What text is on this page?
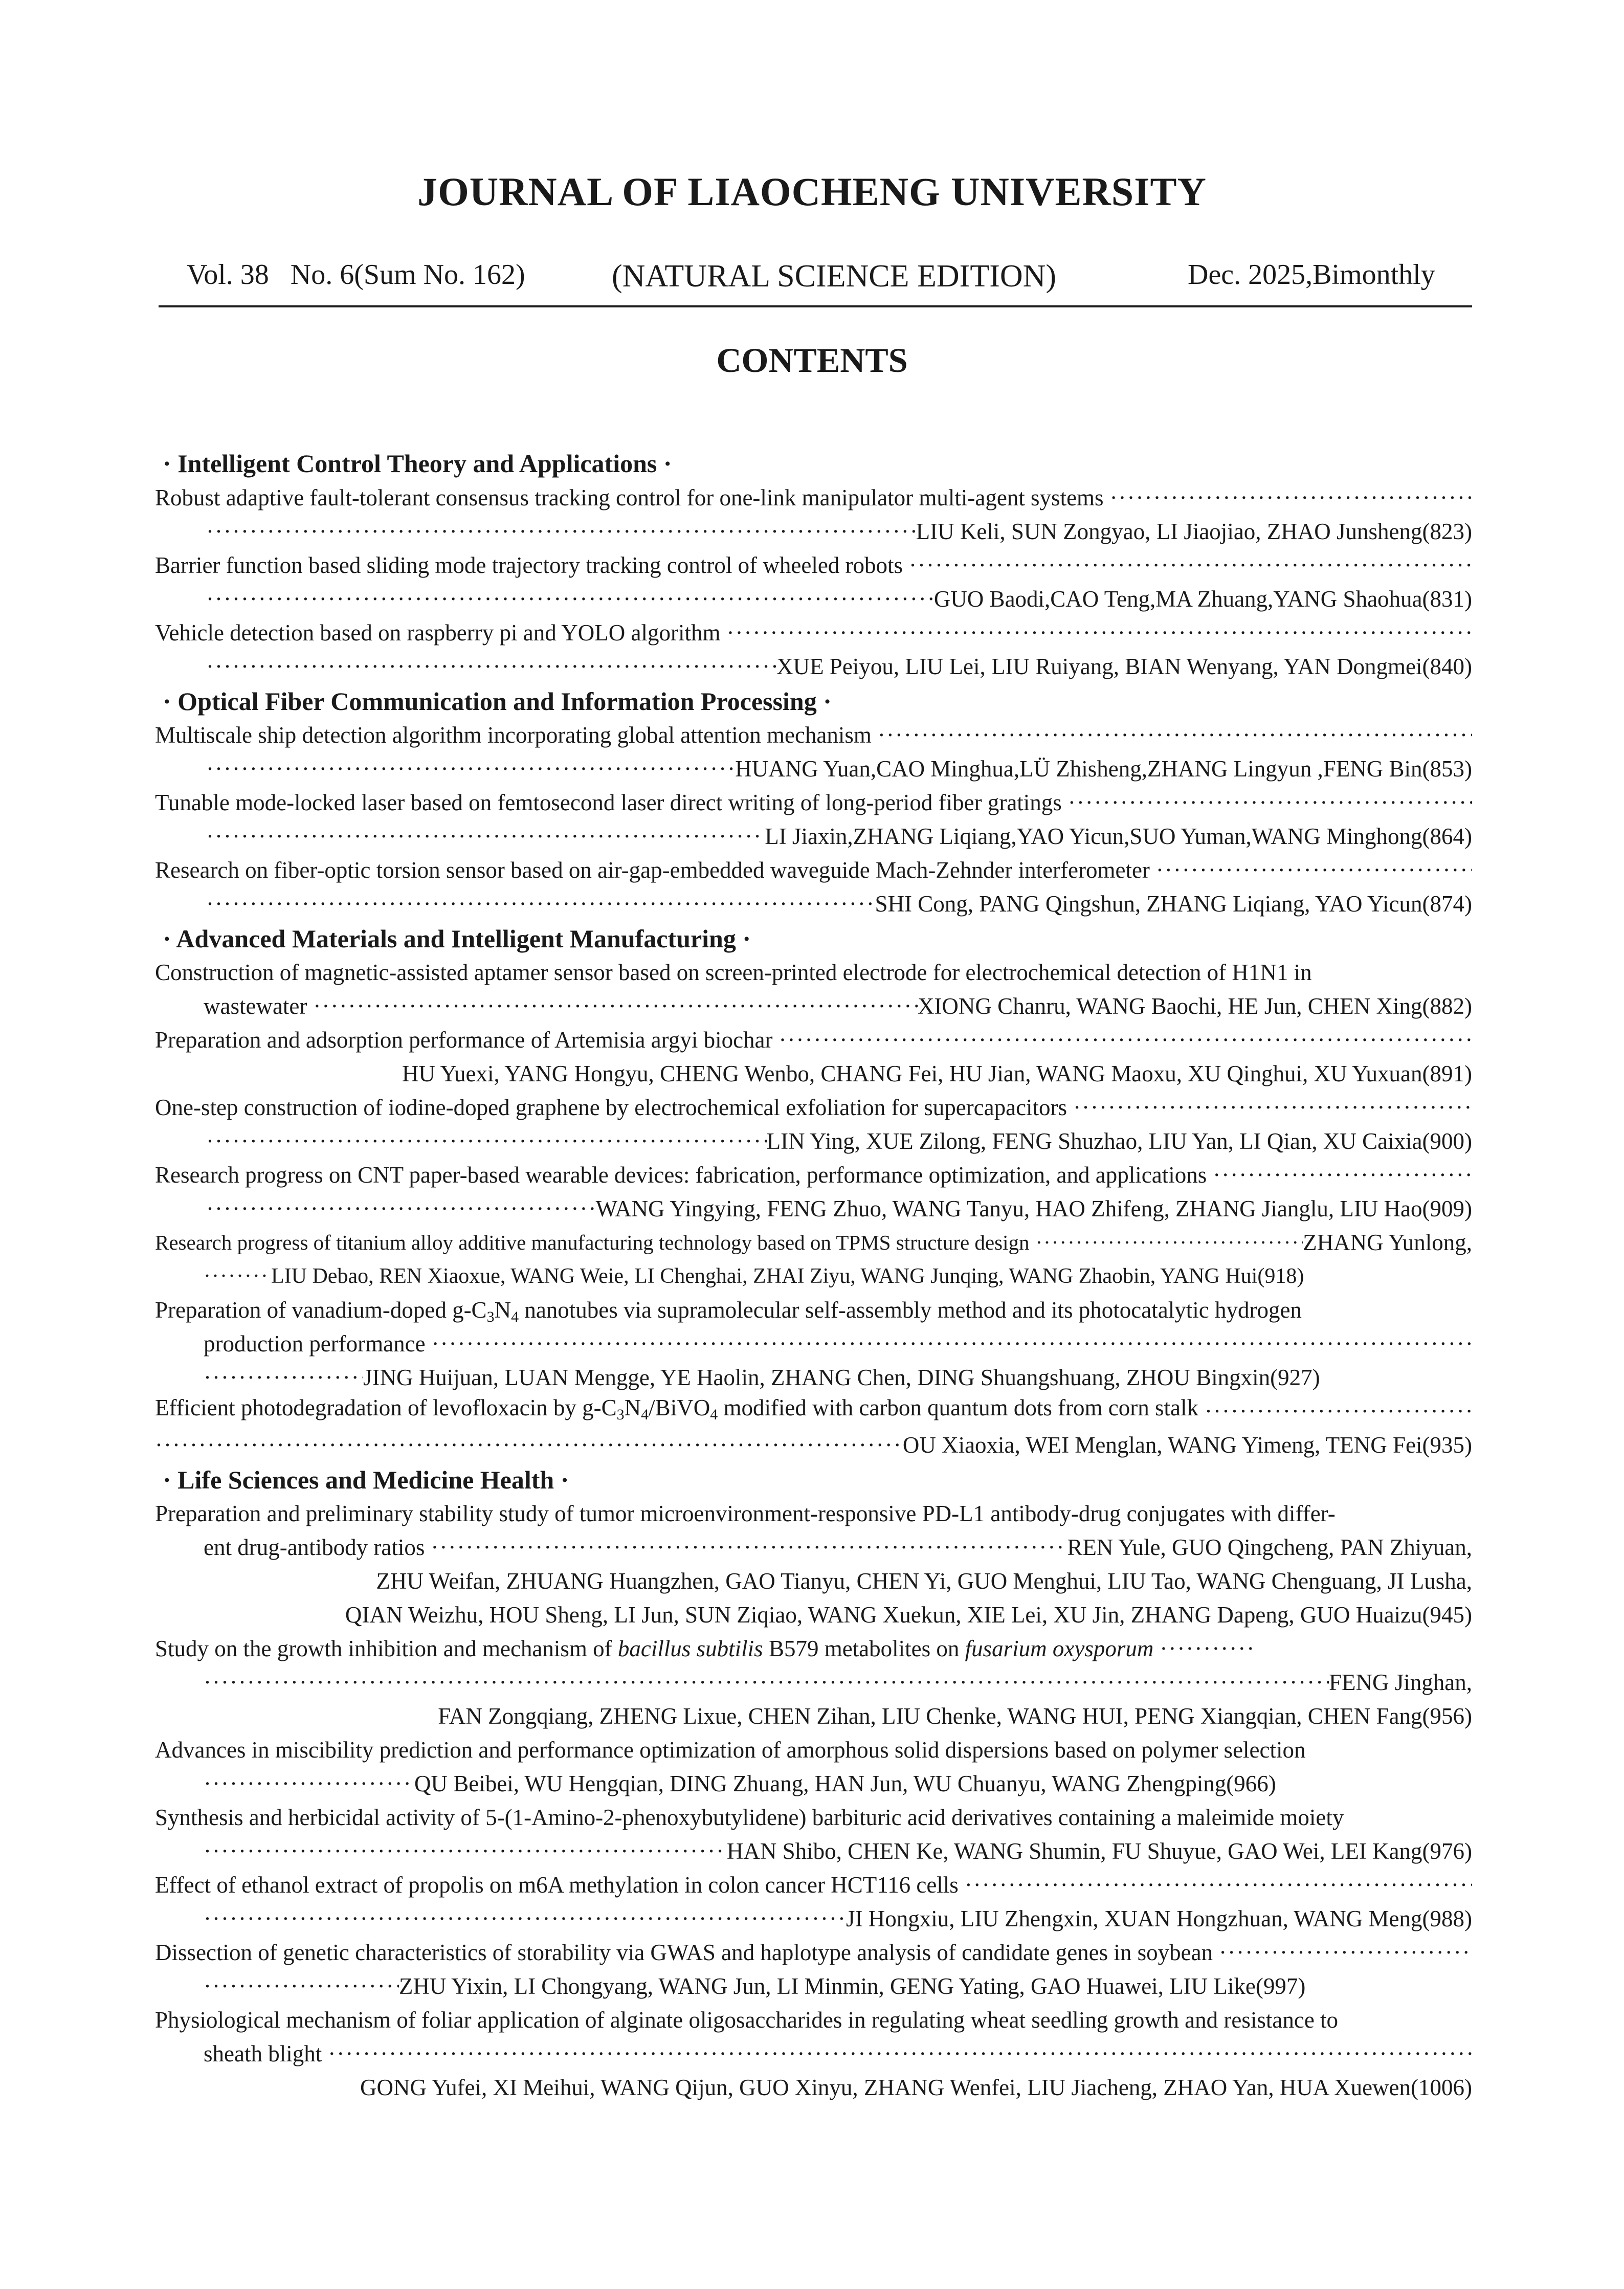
JOURNAL OF LIAOCHENG UNIVERSITY
Vol. 38   No. 6(Sum No. 162)	(NATURAL SCIENCE EDITION)	Dec. 2025,Bimonthly
CONTENTS
· Intelligent Control Theory and Applications ·
Robust adaptive fault-tolerant consensus tracking control for one-link manipulator multi-agent systems
·····
·····
LIU Keli, SUN Zongyao, LI Jiaojiao, ZHAO Junsheng(823)
Barrier function based sliding mode trajectory tracking control of wheeled robots
·····
·····
GUO Baodi,CAO Teng,MA Zhuang,YANG Shaohua(831)
Vehicle detection based on raspberry pi and YOLO algorithm
·····
·····
XUE Peiyou, LIU Lei, LIU Ruiyang, BIAN Wenyang, YAN Dongmei(840)
· Optical Fiber Communication and Information Processing ·
Multiscale ship detection algorithm incorporating global attention mechanism
·····
·····
HUANG Yuan,CAO Minghua,LÜ Zhisheng,ZHANG Lingyun ,FENG Bin(853)
Tunable mode-locked laser based on femtosecond laser direct writing of long-period fiber gratings
·····
·····
LI Jiaxin,ZHANG Liqiang,YAO Yicun,SUO Yuman,WANG Minghong(864)
Research on fiber-optic torsion sensor based on air-gap-embedded waveguide Mach-Zehnder interferometer
·····
·····
SHI Cong, PANG Qingshun, ZHANG Liqiang, YAO Yicun(874)
· Advanced Materials and Intelligent Manufacturing ·
Construction of magnetic-assisted aptamer sensor based on screen-printed electrode for electrochemical detection of H1N1 in
wastewater ·····	XIONG Chanru, WANG Baochi, HE Jun, CHEN Xing(882)
Preparation and adsorption performance of Artemisia argyi biochar
·····
HU Yuexi, YANG Hongyu, CHENG Wenbo, CHANG Fei, HU Jian, WANG Maoxu, XU Qinghui, XU Yuxuan(891)
One-step construction of iodine-doped graphene by electrochemical exfoliation for supercapacitors
·····
·····
LIN Ying, XUE Zilong, FENG Shuzhao, LIU Yan, LI Qian, XU Caixia(900)
Research progress on CNT paper-based wearable devices: fabrication, performance optimization, and applications
·····
·····
WANG Yingying, FENG Zhuo, WANG Tanyu, HAO Zhifeng, ZHANG Jianglu, LIU Hao(909)
Research progress of titanium alloy additive manufacturing technology based on TPMS structure design ·····	ZHANG Yunlong,
·····
LIU Debao, REN Xiaoxue, WANG Weie, LI Chenghai, ZHAI Ziyu, WANG Junqing, WANG Zhaobin, YANG Hui(918)
Preparation of vanadium-doped $g-C_3N_4$ nanotubes via supramolecular self-assembly method and its photocatalytic hydrogen
production performance
·····
·····
JING Huijuan, LUAN Mengge, YE Haolin, ZHANG Chen, DING Shuangshuang, ZHOU Bingxin(927)
Efficient photodegradation of levofloxacin by $g-C_3N_4/BiVO_4$ modified with carbon quantum dots from corn stalk
·····
·····
OU Xiaoxia, WEI Menglan, WANG Yimeng, TENG Fei(935)
· Life Sciences and Medicine Health ·
Preparation and preliminary stability study of tumor microenvironment-responsive PD-L1 antibody-drug conjugates with differ-
ent drug-antibody ratios ·····	REN Yule, GUO Qingcheng, PAN Zhiyuan,
ZHU Weifan, ZHUANG Huangzhen, GAO Tianyu, CHEN Yi, GUO Menghui, LIU Tao, WANG Chenguang, JI Lusha,
QIAN Weizhu, HOU Sheng, LI Jun, SUN Ziqiao, WANG Xuekun, XIE Lei, XU Jin, ZHANG Dapeng, GUO Huaizu(945)
Study on the growth inhibition and mechanism of bacillus subtilis B579 metabolites on fusarium oxysporum
·····
·····
FENG Jinghan,
FAN Zongqiang, ZHENG Lixue, CHEN Zihan, LIU Chenke, WANG HUI, PENG Xiangqian, CHEN Fang(956)
Advances in miscibility prediction and performance optimization of amorphous solid dispersions based on polymer selection
·····
QU Beibei, WU Hengqian, DING Zhuang, HAN Jun, WU Chuanyu, WANG Zhengping(966)
Synthesis and herbicidal activity of 5-(1-Amino-2-phenoxybutylidene) barbituric acid derivatives containing a maleimide moiety
·····
HAN Shibo, CHEN Ke, WANG Shumin, FU Shuyue, GAO Wei, LEI Kang(976)
Effect of ethanol extract of propolis on m6A methylation in colon cancer HCT116 cells
·····
·····
JI Hongxiu, LIU Zhengxin, XUAN Hongzhuan, WANG Meng(988)
Dissection of genetic characteristics of storability via GWAS and haplotype analysis of candidate genes in soybean
·····
·····
ZHU Yixin, LI Chongyang, WANG Jun, LI Minmin, GENG Yating, GAO Huawei, LIU Like(997)
Physiological mechanism of foliar application of alginate oligosaccharides in regulating wheat seedling growth and resistance to
sheath blight
·····
GONG Yufei, XI Meihui, WANG Qijun, GUO Xinyu, ZHANG Wenfei, LIU Jiacheng, ZHAO Yan, HUA Xuewen(1006)
